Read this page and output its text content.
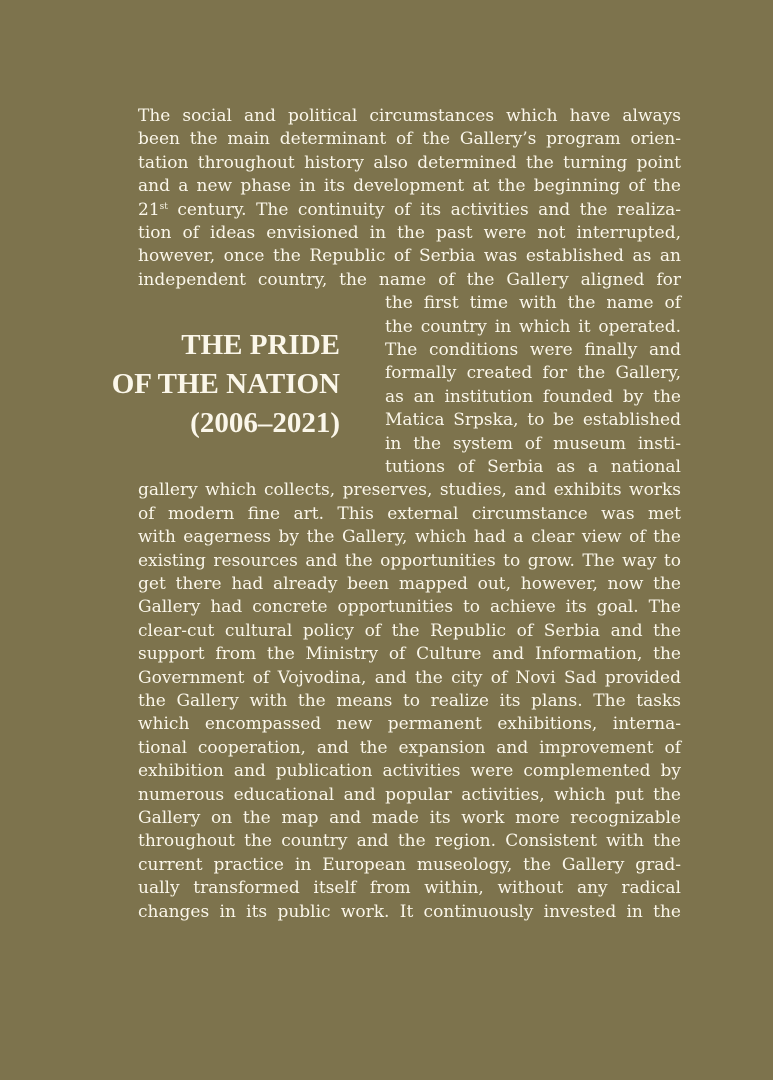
THE PRIDE
OF THE NATION
(2006–2021)
The social and political circumstances which have always
been the main determinant of the Gallery’s program orien-
tation throughout history also determined the turning point
and a new phase in its development at the beginning of the
21st century. The continuity of its activities and the realiza-
tion of ideas envisioned in the past were not interrupted,
however, once the Republic of Serbia was established as an
independent country, the name of the Gallery aligned for
the first time with the name of
the country in which it operated.
The conditions were finally and
formally created for the Gallery,
as an institution founded by the
Matica Srpska, to be established
in the system of museum insti-
tutions of Serbia as a national
gallery which collects, preserves, studies, and exhibits works
of modern fine art. This external circumstance was met
with eagerness by the Gallery, which had a clear view of the
existing resources and the opportunities to grow. The way to
get there had already been mapped out, however, now the
Gallery had concrete opportunities to achieve its goal. The
clear-cut cultural policy of the Republic of Serbia and the
support from the Ministry of Culture and Information, the
Government of Vojvodina, and the city of Novi Sad provided
the Gallery with the means to realize its plans. The tasks
which encompassed new permanent exhibitions, interna-
tional cooperation, and the expansion and improvement of
exhibition and publication activities were complemented by
numerous educational and popular activities, which put the
Gallery on the map and made its work more recognizable
throughout the country and the region. Consistent with the
current practice in European museology, the Gallery grad-
ually transformed itself from within, without any radical
changes in its public work. It continuously invested in the
